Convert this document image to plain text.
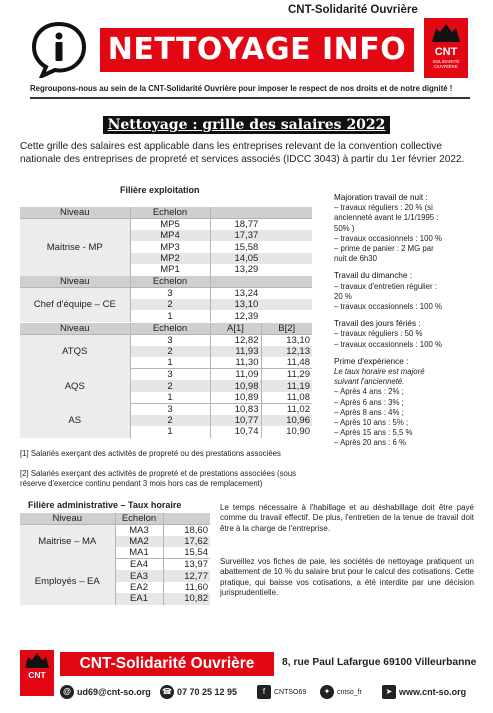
CNT-Solidarité Ouvrière
NETTOYAGE INFO	CNT
SOLIDARITÉ OUVRIÈRE
Regroupons-nous au sein de la CNT-Solidarité Ouvrière pour imposer le respect de nos droits et de notre dignité !
Nettoyage : grille des salaires 2022
Cette grille des salaires est applicable dans les entreprises relevant de la convention collective nationale des entreprises de propreté et services associés (IDCC 3043) à partir du 1er février 2022.
Filière exploitation
Niveau	Echelon	
Maitrise - MP	MP5	18,77
	MP4	17,37
	MP3	15,58
	MP2	14,05
	MP1	13,29
Niveau	Echelon	
Chef d'équipe – CE	3	13,24
	2	13,10
	1	12,39
Niveau	Echelon	A[1]	B[2]
ATQS	3	12,82	13,10
	2	11,93	12,13
	1	11,30	11,48
AQS	3	11,09	11,29
	2	10,98	11,19
	1	10,89	11,08
AS	3	10,83	11,02
	2	10,77	10,96
	1	10,74	10,90
[1] Salariés exerçant des activités de propreté ou des prestations associées
[2] Salariés exerçant des activités de propreté et de prestations associées (sous réserve d'exercice continu pendant 3 mois hors cas de remplacement)
Filière administrative – Taux horaire
Niveau	Echelon	
Maitrise – MA	MA3	18,60
	MA2	17,62
	MA1	15,54
Employés – EA	EA4	13,97
	EA3	12,77
	EA2	11,60
	EA1	10,82
Majoration travail de nuit :
– travaux réguliers : 20 % (si
ancienneté avant le 1/1/1995 :
50% )
– travaux occasionnels : 100 %
– prime de panier : 2 MG par
nuit de 6h30
Travail du dimanche :
– travaux d'entretien régulier :
20 %
– travaux occasionnels : 100 %
Travail des jours fériés :
– travaux réguliers : 50 %
– travaux occasionnels : 100 %
Prime d'expérience :
Le taux horaire est majoré
suivant l'ancienneté.
– Après 4 ans : 2% ;
– Après 6 ans : 3% ;
– Après 8 ans : 4% ;
– Après 10 ans : 5% ;
– Après 15 ans : 5,5 %
– Après 20 ans : 6 %
Le temps nécessaire à l'habillage et au déshabillage doit être payé comme du travail effectif. De plus, l'entretien de la tenue de travail doit être à la charge de l'entreprise.
Surveillez vos fiches de paie, les sociétés de nettoyage pratiquent un abattement de 10 % du salaire brut pour le calcul des cotisations. Cette pratique, qui baisse vos cotisations, a été interdite par une décision jurisprudentielle.
CNT
CNT-Solidarité Ouvrière	8, rue Paul Lafargue 69100 Villeurbanne
@ ud69@cnt-so.org ☎ 07 70 25 12 95	f	CNTSO69	✦ cntso_fr	➤ www.cnt-so.org
